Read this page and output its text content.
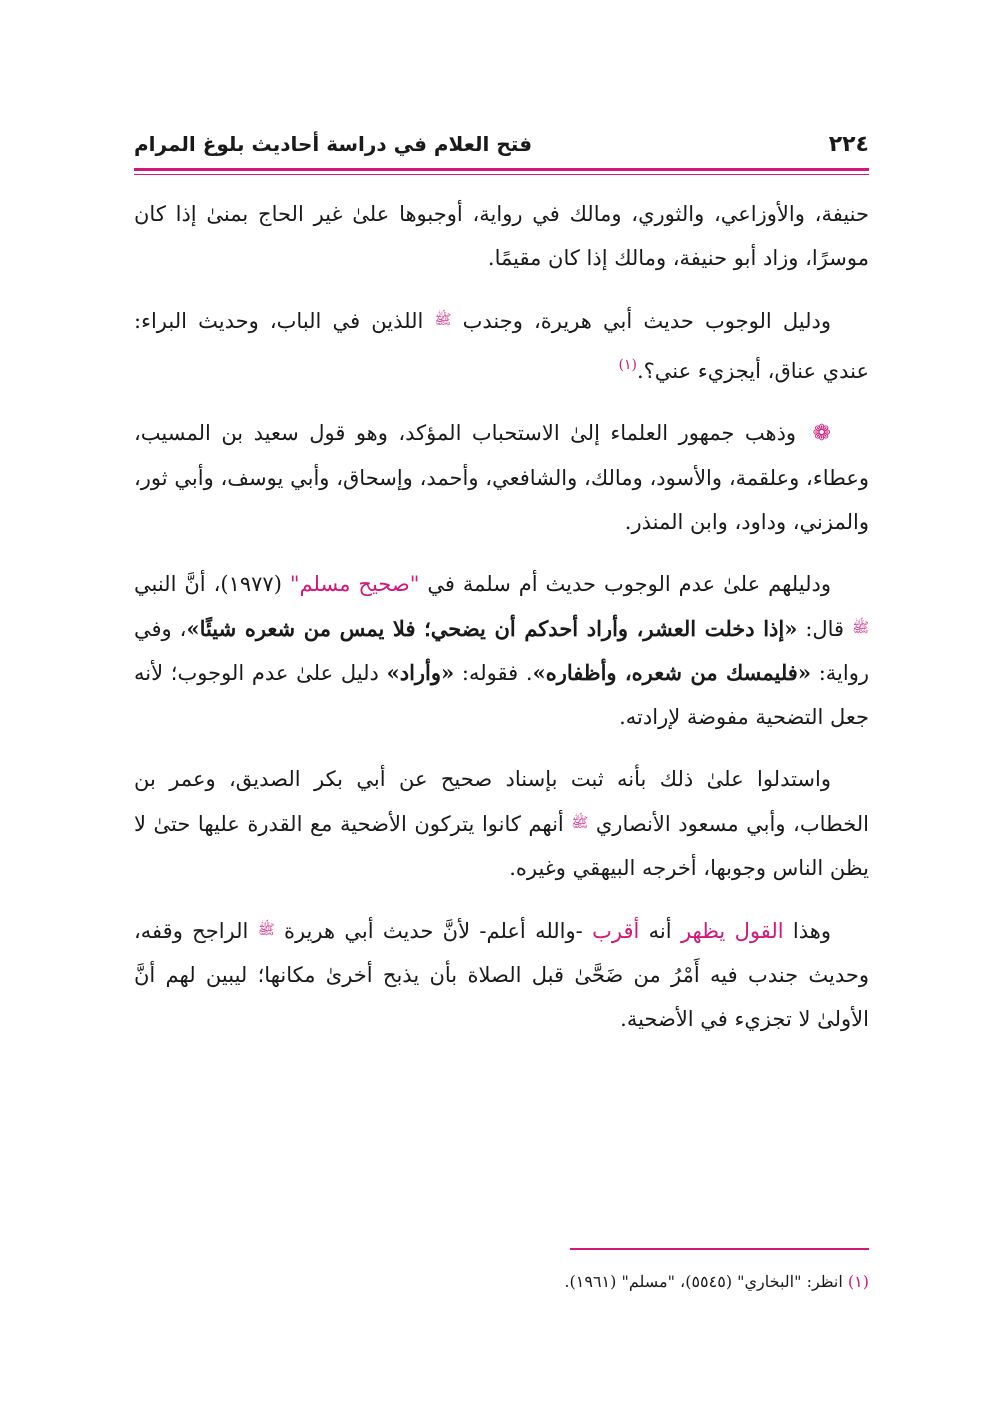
٢٢٤
فتح العلام في دراسة أحاديث بلوغ المرام

حنيفة، والأوزاعي، والثوري، ومالك في رواية، أوجبوها علىٰ غير الحاج بمنىٰ إذا كان موسرًا، وزاد أبو حنيفة، ومالك إذا كان مقيمًا.

ودليل الوجوب حديث أبي هريرة، وجندب ﷺ اللذين في الباب، وحديث البراء: عندي عناق، أيجزيء عني؟.$^{(١)}$

❁ وذهب جمهور العلماء إلىٰ الاستحباب المؤكد، وهو قول سعيد بن المسيب، وعطاء، وعلقمة، والأسود، ومالك، والشافعي، وأحمد، وإسحاق، وأبي يوسف، وأبي ثور، والمزني، وداود، وابن المنذر.

ودليلهم علىٰ عدم الوجوب حديث أم سلمة في "صحيح مسلم" (١٩٧٧)، أنَّ النبي ﷺ قال: «إذا دخلت العشر، وأراد أحدكم أن يضحي؛ فلا يمس من شعره شيئًا»، وفي رواية: «فليمسك من شعره، وأظفاره». فقوله: «وأراد» دليل علىٰ عدم الوجوب؛ لأنه جعل التضحية مفوضة لإرادته.

واستدلوا علىٰ ذلك بأنه ثبت بإسناد صحيح عن أبي بكر الصديق، وعمر بن الخطاب، وأبي مسعود الأنصاري ﷺ أنهم كانوا يتركون الأضحية مع القدرة عليها حتىٰ لا يظن الناس وجوبها، أخرجه البيهقي وغيره.

وهذا القول يظهر أنه أقرب -والله أعلم- لأنَّ حديث أبي هريرة ﷺ الراجح وقفه، وحديث جندب فيه أَمْرُ من ضَحَّىٰ قبل الصلاة بأن يذبح أخرىٰ مكانها؛ ليبين لهم أنَّ الأولىٰ لا تجزيء في الأضحية.

(١) انظر: "البخاري" (٥٥٤٥)، "مسلم" (١٩٦١).
